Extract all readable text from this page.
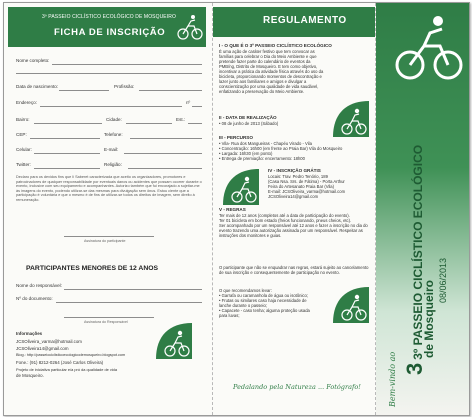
3º PASSEIO CICLÍSTICO ECOLÓGICO DE MOSQUEIRO
FICHA DE INSCRIÇÃO
Nome completo:
Data de nascimento:	Profissão:
Endereço:	nº
Bairro:	Cidade:	Est.:
CEP:	Telefone:
Celular:	E-mail:
Twitter:	Religião:
Declaro para os devidos fins que li Saberet caracterizada que aceito os organizadores, promotores e patrocinadores de qualquer responsabilidade por eventuais danos ou acidentes que possam ocorrer durante o evento, inclusive com seu equipamento e acompanhantes. Autorizo também que fui encorajado a sujeitar-me às imagens do evento, podendo utilizar-se das mesmas para divulgação sem ônus. Estou ciente que a participação é voluntária e que o mesmo é de fins de utilizar-se todos os direitos de imagem, sem direito à remuneração.
Assinatura do participante
PARTICIPANTES MENORES DE 12 ANOS
Nome do responsável:
Nº do documento:
Assinatura do Responsável
Informações
JCSOliveira_varma@hotmail.com
JCSOliveira14@gmail.com
Blog.: http://passeiociclisticoecologicodemosqueiro.blogspot.com
Fone.: (91) 8212-0264 (José Carlos Oliveira)
Projeto de iniciativa particular e/a pró da qualidade de vida
de Mosqueiro.
REGULAMENTO
I - O QUE É O 3º PASSEIO CICLÍSTICO ECOLÓGICO
É uma ação de caráter festivo que tem convocar as famílias para celebrar o Dia do Meio Ambiente e que pretende fazer parte do calendário de eventos da PMB/ng, Distrito de Mosqueiro. E tem como objetivo, incentivar a prática da atividade física através do uso da bicicleta, proporcionando momentos de descontração e lazer junto aos familiares e amigos e divulgar a conscientização por uma qualidade de vida saudável, enfatizando a preservação do Meio Ambiente.
II - DATA DE REALIZAÇÃO
• 08 de junho de 2013 (Sábado)
III - PERCURSO
• Vila- Rua dos Mangueiras - Chapéu Virado - Vila
• Concentração: 16h00 (em frente ao Praia Bar) Vila do Mosqueiro
• Largada: 16h30 (em ponto)
• Entrega de premiação: encerramento: 18h00
IV - INSCRIÇÃO GRÁTIS
Locais: Trav. Pedro Tenório, 189
(Casa Nsa. Srs. de Fátima) - Porta Arthur
Feira do Artesanato Praia Bar (Vila)
E-mail: JCSOliveira_varma@hotmail.com
JCSOliveira14@gmail.com
V - REGRAS
Ter mais de 12 anos (completos até a data de participação do evento).
Ter 01 bicicleta em bom estado (freios funcionando, pneus cheios, etc).
Ser acompanhado por um responsável até 12 anos e fazer a inscrição no dia do evento trazendo uma autorização assinada por um responsável. Respeitar as instruções dos monitores e guias.
O participante que não se enquadrar nas regras, estará sujeito ao cancelamento de sua inscrição e consequentemente de participação no evento.
O que recomendamos levar:
• Garrafa ou caramanhola de água ou isotônico;
• Frutas ou similares caso haja necessidade de lanche durante o passeio;
• Capacete - caso tenha; alguma proteção usada para luvas;
Pedalando pela Natureza ... Fotógrafo!
33º PASSEIO CICLÍSTICO ECOLÓGICO
de Mosqueiro 08/06/2013
Bem-vindo ao
